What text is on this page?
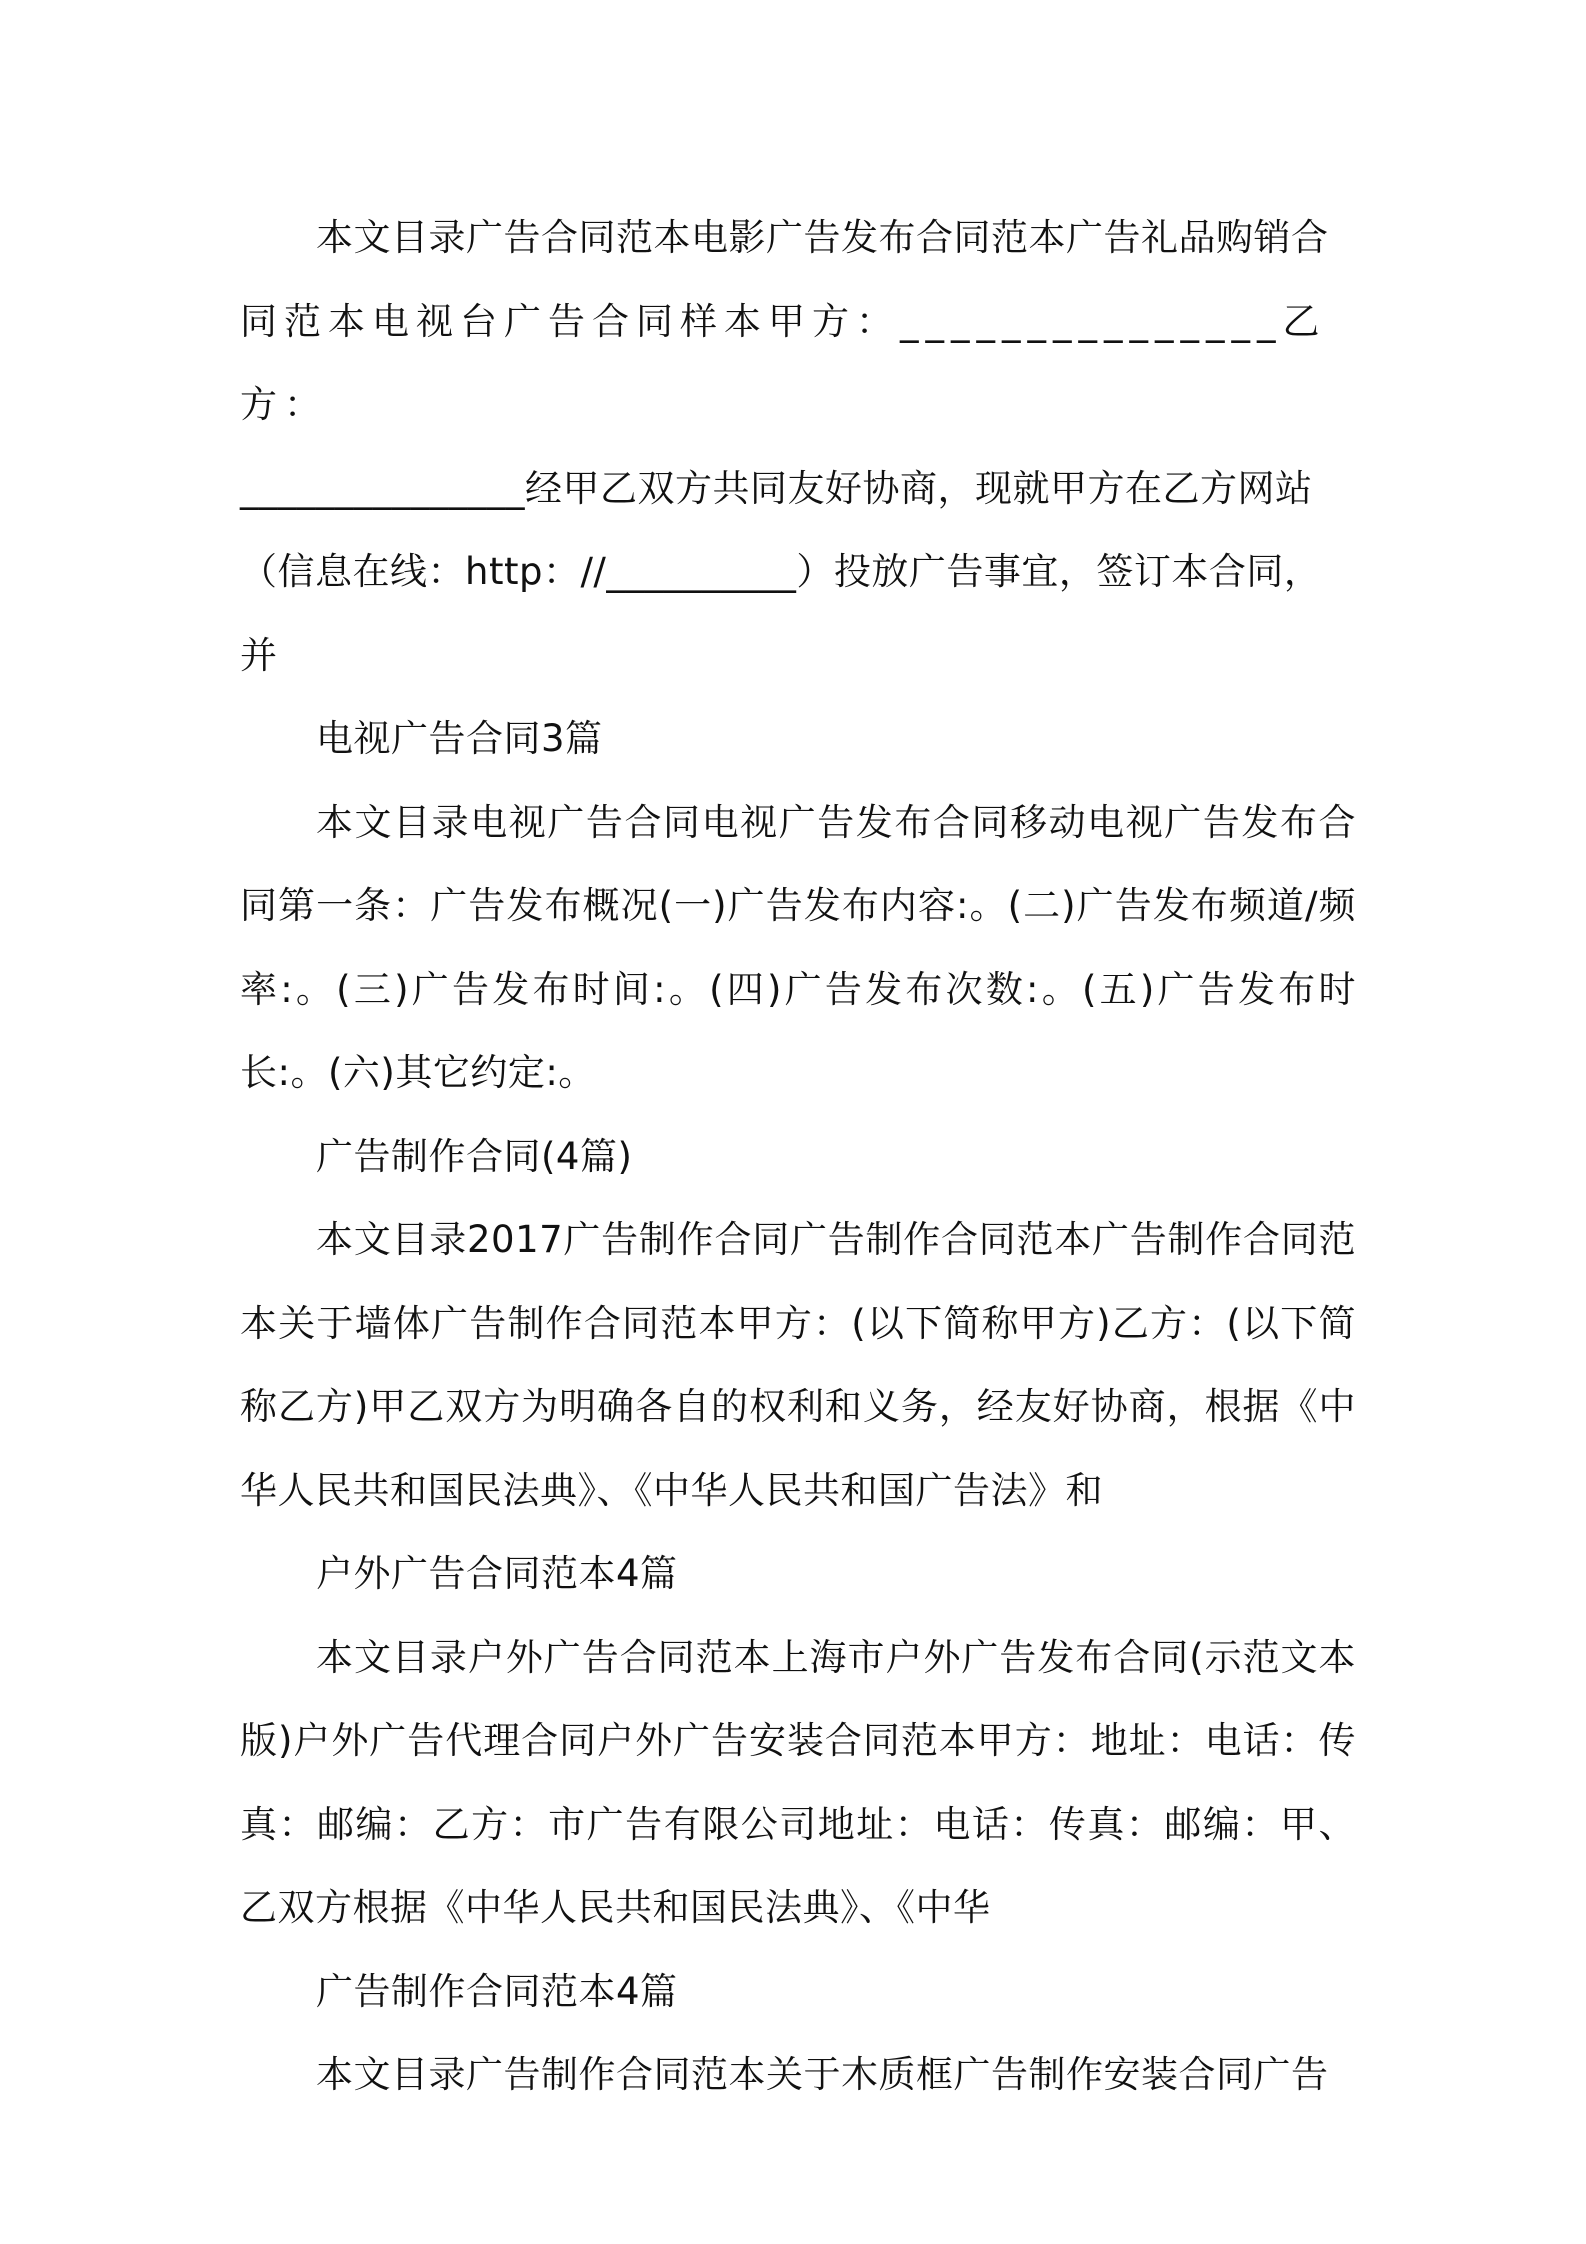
本文目录广告合同范本电影广告发布合同范本广告礼品购销合

同范本电视台广告合同样本甲方：_______________乙方：

_______________经甲乙双方共同友好协商，现就甲方在乙方网站

（信息在线：http：//__________）投放广告事宜，签订本合同，

并

电视广告合同3篇

本文目录电视广告合同电视广告发布合同移动电视广告发布合同第一条：广告发布概况(一)广告发布内容:。(二)广告发布频道/频率:。(三)广告发布时间:。(四)广告发布次数:。(五)广告发布时长:。(六)其它约定:。

广告制作合同(4篇)

本文目录2017广告制作合同广告制作合同范本广告制作合同范本关于墙体广告制作合同范本甲方：(以下简称甲方)乙方：(以下简称乙方)甲乙双方为明确各自的权利和义务，经友好协商，根据《中华人民共和国民法典》、《中华人民共和国广告法》和

户外广告合同范本4篇

本文目录户外广告合同范本上海市户外广告发布合同(示范文本版)户外广告代理合同户外广告安装合同范本甲方：地址：电话：传真：邮编：乙方：市广告有限公司地址：电话：传真：邮编：甲、乙双方根据《中华人民共和国民法典》、《中华

广告制作合同范本4篇

本文目录广告制作合同范本关于木质框广告制作安装合同广告
